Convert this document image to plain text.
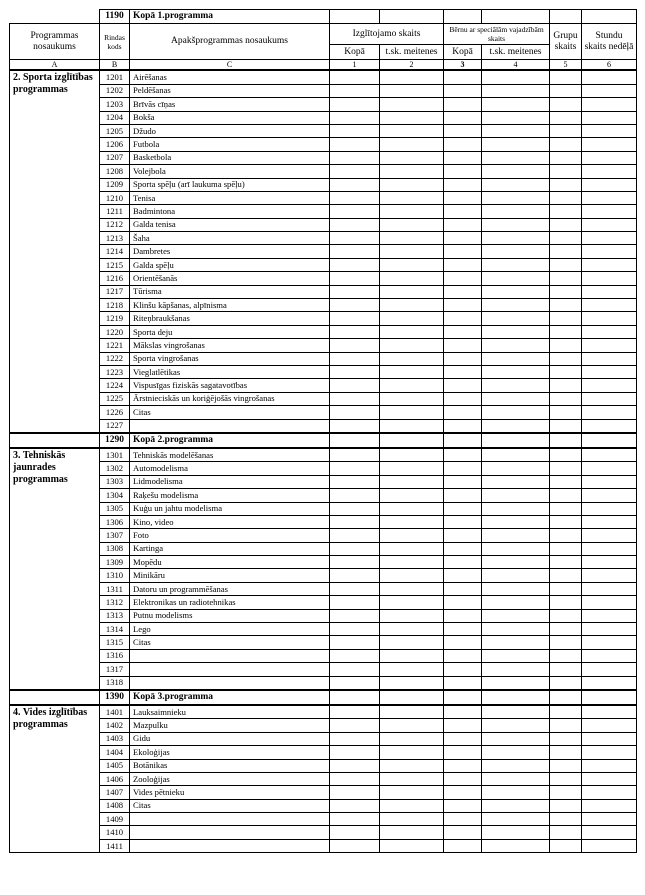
	1190	Kopā 1.programma						
Programmas nosaukums	Rindas kods	Apakšprogrammas nosaukums	Izglītojamo skaits		Bērnu ar speciālām vajadzībām skaits		Grupu skaits	Stundu skaits nedēļā
			Kopā	t.sk. meitenes	Kopā	t.sk. meitenes		
A	B	C	1	2	3	4	5	6
2. Sporta izglītības programmas	1201	Airēšanas						
	1202	Peldēšanas						
	1203	Brīvās cīņas						
	1204	Bokša						
	1205	Džudo						
	1206	Futbola						
	1207	Basketbola						
	1208	Volejbola						
	1209	Sporta spēļu (arī laukuma spēļu)						
	1210	Tenisa						
	1211	Badmintona						
	1212	Galda tenisa						
	1213	Šaha						
	1214	Dambretes						
	1215	Galda spēļu						
	1216	Orientēšanās						
	1217	Tūrisma						
	1218	Klinšu kāpšanas, alpīnisma						
	1219	Riteņbraukšanas						
	1220	Sporta deju						
	1221	Mākslas vingrošanas						
	1222	Sporta vingrošanas						
	1223	Vieglatlētikas						
	1224	Vispusīgas fiziskās sagatavotības						
	1225	Ārstnieciskās un koriģējošās vingrošanas						
	1226	Citas						
	1227							
	1290	Kopā 2.programma						
3. Tehniskās jaunrades programmas	1301	Tehniskās modelēšanas						
	1302	Automodelisma						
	1303	Lidmodelisma						
	1304	Raķešu modelisma						
	1305	Kuģu un jahtu modelisma						
	1306	Kino, video						
	1307	Foto						
	1308	Kartinga						
	1309	Mopēdu						
	1310	Minikāru						
	1311	Datoru un programmēšanas						
	1312	Elektronikas un radiotehnikas						
	1313	Putnu modelisms						
	1314	Lego						
	1315	Citas						
	1316							
	1317							
	1318							
	1390	Kopā 3.programma						
4. Vides izglītības programmas	1401	Lauksaimnieku						
	1402	Mazpulku						
	1403	Gidu						
	1404	Ekoloģijas						
	1405	Botānikas						
	1406	Zooloģijas						
	1407	Vides pētnieku						
	1408	Citas						
	1409							
	1410							
	1411							
